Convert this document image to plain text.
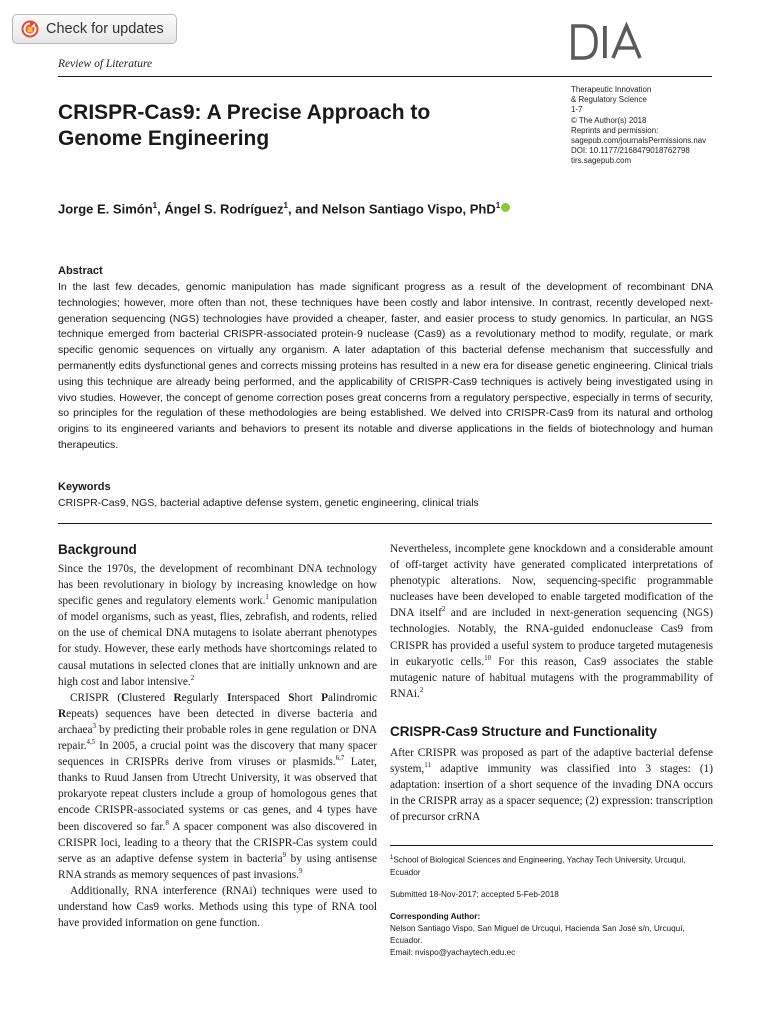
Check for updates
Review of Literature
CRISPR-Cas9: A Precise Approach to Genome Engineering
Therapeutic Innovation
& Regulatory Science
1-7
© The Author(s) 2018
Reprints and permission:
sagepub.com/journalsPermissions.nav
DOI: 10.1177/2168479018762798
tirs.sagepub.com
Jorge E. Simón$^1$, Ángel S. Rodríguez$^1$, and Nelson Santiago Vispo, PhD$^1$
Abstract
In the last few decades, genomic manipulation has made significant progress as a result of the development of recombinant DNA technologies; however, more often than not, these techniques have been costly and labor intensive. In contrast, recently developed next-generation sequencing (NGS) technologies have provided a cheaper, faster, and easier process to study genomics. In particular, an NGS technique emerged from bacterial CRISPR-associated protein-9 nuclease (Cas9) as a revolutionary method to modify, regulate, or mark specific genomic sequences on virtually any organism. A later adaptation of this bacterial defense mechanism that successfully and permanently edits dysfunctional genes and corrects missing proteins has resulted in a new era for disease genetic engineering. Clinical trials using this technique are already being performed, and the applicability of CRISPR-Cas9 techniques is actively being investigated using in vivo studies. However, the concept of genome correction poses great concerns from a regulatory perspective, especially in terms of security, so principles for the regulation of these methodologies are being established. We delved into CRISPR-Cas9 from its natural and ortholog origins to its engineered variants and behaviors to present its notable and diverse applications in the fields of biotechnology and human therapeutics.
Keywords
CRISPR-Cas9, NGS, bacterial adaptive defense system, genetic engineering, clinical trials
Background

Since the 1970s, the development of recombinant DNA technology has been revolutionary in biology by increasing knowledge on how specific genes and regulatory elements work.$^1$ Genomic manipulation of model organisms, such as yeast, flies, zebrafish, and rodents, relied on the use of chemical DNA mutagens to isolate aberrant phenotypes for study. However, these early methods have shortcomings related to causal mutations in selected clones that are initially unknown and are high cost and labor intensive.$^2$

CRISPR (Clustered Regularly Interspaced Short Palindromic Repeats) sequences have been detected in diverse bacteria and archaea$^3$ by predicting their probable roles in gene regulation or DNA repair.$^{4,5}$ In 2005, a crucial point was the discovery that many spacer sequences in CRISPRs derive from viruses or plasmids.$^{6,7}$ Later, thanks to Ruud Jansen from Utrecht University, it was observed that prokaryote repeat clusters include a group of homologous genes that encode CRISPR-associated systems or cas genes, and 4 types have been discovered so far.$^8$ A spacer component was also discovered in CRISPR loci, leading to a theory that the CRISPR-Cas system could serve as an adaptive defense system in bacteria$^9$ by using antisense RNA strands as memory sequences of past invasions.$^9$

Additionally, RNA interference (RNAi) techniques were used to understand how Cas9 works. Methods using this type of RNA tool have provided information on gene function.

Nevertheless, incomplete gene knockdown and a considerable amount of off-target activity have generated complicated interpretations of phenotypic alterations. Now, sequencing-specific programmable nucleases have been developed to enable targeted modification of the DNA itself$^2$ and are included in next-generation sequencing (NGS) technologies. Notably, the RNA-guided endonuclease Cas9 from CRISPR has provided a useful system to produce targeted mutagenesis in eukaryotic cells.$^{10}$ For this reason, Cas9 associates the stable mutagenic nature of habitual mutagens with the programmability of RNAi.$^2$

CRISPR-Cas9 Structure and Functionality

After CRISPR was proposed as part of the adaptive bacterial defense system,$^{11}$ adaptive immunity was classified into 3 stages: (1) adaptation: insertion of a short sequence of the invading DNA occurs in the CRISPR array as a spacer sequence; (2) expression: transcription of precursor crRNA

$^1$School of Biological Sciences and Engineering, Yachay Tech University, Urcuquí, Ecuador

Submitted 18-Nov-2017; accepted 5-Feb-2018

Corresponding Author:

Nelson Santiago Vispo, San Miguel de Urcuquí, Hacienda San José s/n, Urcuquí, Ecuador.

Email: nvispo@yachaytech.edu.ec
